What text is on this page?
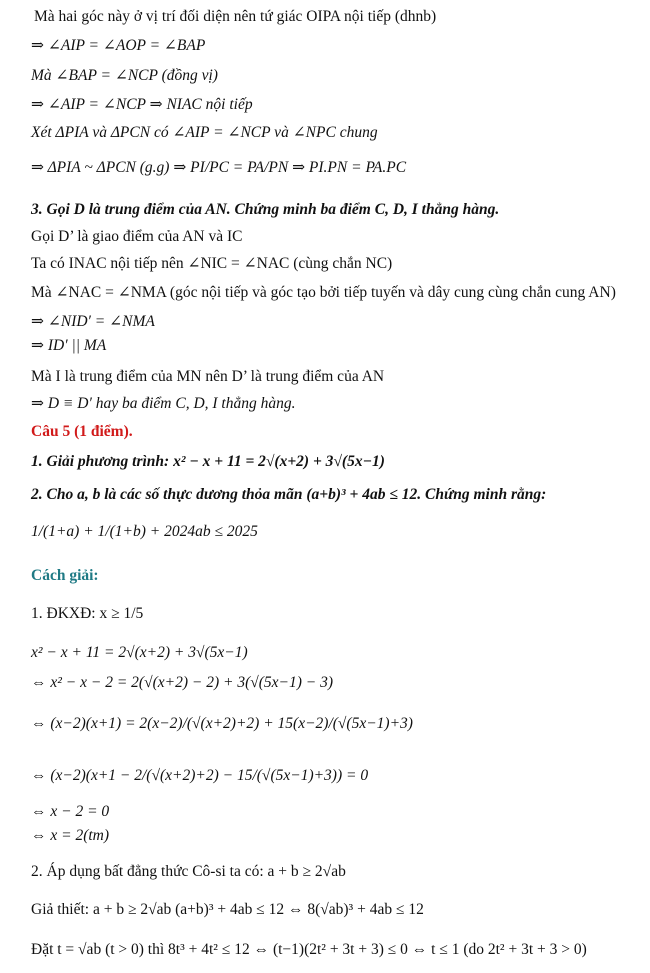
Mà hai góc này ở vị trí đối diện nên tứ giác OIPA nội tiếp (dhnb)
⇒ ∠AIP = ∠AOP = ∠BAP
Mà ∠BAP = ∠NCP (đồng vị)
⇒ ∠AIP = ∠NCP ⇒ NIAC nội tiếp
Xét ΔPIA và ΔPCN có ∠AIP = ∠NCP và ∠NPC chung
⇒ ΔPIA ~ ΔPCN (g.g) ⇒ PI/PC = PA/PN ⇒ PI.PN = PA.PC
3. Gọi D là trung điểm của AN. Chứng minh ba điểm C, D, I thẳng hàng.
Gọi D’ là giao điểm của AN và IC
Ta có INAC nội tiếp nên ∠NIC = ∠NAC (cùng chắn NC)
Mà ∠NAC = ∠NMA (góc nội tiếp và góc tạo bởi tiếp tuyến và dây cung cùng chắn cung AN)
⇒ ∠NID′ = ∠NMA
⇒ ID′ || MA
Mà I là trung điểm của MN nên D’ là trung điểm của AN
⇒ D ≡ D′ hay ba điểm C, D, I thẳng hàng.
Câu 5 (1 điểm).
1. Giải phương trình: x² − x + 11 = 2√(x+2) + 3√(5x−1)
2. Cho a, b là các số thực dương thỏa mãn (a+b)³ + 4ab ≤ 12. Chứng minh rằng:
1/(1+a) + 1/(1+b) + 2024ab ≤ 2025
Cách giải:
1. ĐKXĐ: x ≥ 1/5
x² − x + 11 = 2√(x+2) + 3√(5x−1)
⇔ x² − x − 2 = 2(√(x+2) − 2) + 3(√(5x−1) − 3)
⇔ (x−2)(x+1) = 2(x−2)/(√(x+2)+2) + 15(x−2)/(√(5x−1)+3)
⇔ (x−2)(x+1 − 2/(√(x+2)+2) − 15/(√(5x−1)+3)) = 0
⇔ x − 2 = 0
⇔ x = 2(tm)
2. Áp dụng bất đẳng thức Cô-si ta có: a + b ≥ 2√ab
Giả thiết: a + b ≥ 2√ab (a+b)³ + 4ab ≤ 12 ⇔ 8(√ab)³ + 4ab ≤ 12
Đặt t = √ab (t > 0) thì 8t³ + 4t² ≤ 12 ⇔ (t−1)(2t² + 3t + 3) ≤ 0 ⇔ t ≤ 1 (do 2t² + 3t + 3 > 0)
